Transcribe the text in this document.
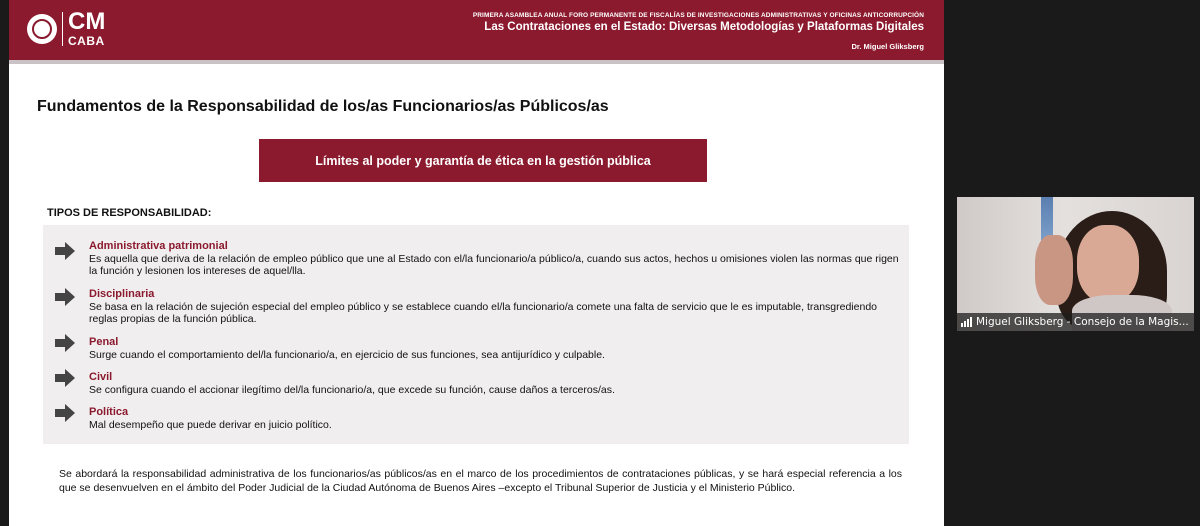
CM
CABA
PRIMERA ASAMBLEA ANUAL FORO PERMANENTE DE FISCALÍAS DE INVESTIGACIONES ADMINISTRATIVAS Y OFICINAS ANTICORRUPCIÓN
Las Contrataciones en el Estado: Diversas Metodologías y Plataformas Digitales
Dr. Miguel Gliksberg
Fundamentos de la Responsabilidad de los/as Funcionarios/as Públicos/as
Límites al poder y garantía de ética en la gestión pública
TIPOS DE RESPONSABILIDAD:
Administrativa patrimonial
Es aquella que deriva de la relación de empleo público que une al Estado con el/la funcionario/a público/a, cuando sus actos, hechos u omisiones violen las normas que rigen la función y lesionen los intereses de aquel/lla.
Disciplinaria
Se basa en la relación de sujeción especial del empleo público y se establece cuando el/la funcionario/a comete una falta de servicio que le es imputable, transgrediendo reglas propias de la función pública.
Penal
Surge cuando el comportamiento del/la funcionario/a, en ejercicio de sus funciones, sea antijurídico y culpable.
Civil
Se configura cuando el accionar ilegítimo del/la funcionario/a, que excede su función, cause daños a terceros/as.
Política
Mal desempeño que puede derivar en juicio político.
Se abordará la responsabilidad administrativa de los funcionarios/as públicos/as en el marco de los procedimientos de contrataciones públicas, y se hará especial referencia a los que se desenvuelven en el ámbito del Poder Judicial de la Ciudad Autónoma de Buenos Aires –excepto el Tribunal Superior de Justicia y el Ministerio Público.
Miguel Gliksberg - Consejo de la Magis...
